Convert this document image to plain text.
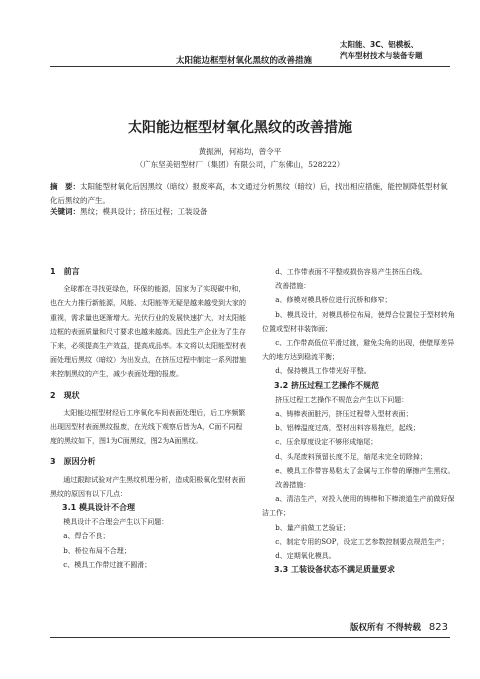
太阳能边框型材氧化黑纹的改善措施
太阳能、3C、铝模板、
汽车型材技术与装备专题
太阳能边框型材氧化黑纹的改善措施
黄振洲，何裕均，曾令平
（广东坚美铝型材厂（集团）有限公司，广东佛山，528222）
摘　要：太阳能型材氧化后因黑纹（暗纹）报废率高，本文通过分析黑纹（暗纹）后，找出相应措施，能控制降低型材氧化后黑纹的产生。
关键词：黑纹；模具设计；挤压过程；工装设备
1　前言

全球都在寻找更绿色，环保的能源，国家为了实现碳中和，也在大力推行新能源，风能、太阳能等无疑是越来越受到大家的重视，需求量也逐渐增大。光伏行业的发展快速扩大，对太阳能边框的表面质量和尺寸要求也越来越高。因此生产企业为了生存下来，必须提高生产效益，提高成品率。本文将以太阳能型材表面处理后黑纹（暗纹）为出发点，在挤压过程中制定一系列措施来控制黑纹的产生，减少表面处理的报废。

2　现状

太阳能边框型材经后工序氧化车间表面处理后，后工序频繁出现因型材表面黑纹报废，在光线下观察后皆为A，C面不同程度的黑纹如下，图1为C面黑纹，图2为A面黑纹。

3　原因分析

通过跟踪试验对产生黑纹机理分析，造成阳极氧化型材表面黑纹的原因有以下几点：

3.1 模具设计不合理

模具设计不合理会产生以下问题：

a、焊合不良；

b、桥位布局不合理；

c、模具工作带过渡不圆滑；

d、工作带表面不平整或损伤容易产生挤压白线。

改善措施：

a、修模对模具桥位进行沉桥和修窄；

b、模具设计，对模具桥位布局，使焊合位置位于型材转角位置或型材非装饰面；

c、工作带高低位平滑过渡，避免尖角的出现，使壁厚差异大的地方达到稳流平衡；

d、保持模具工作带光好平整。

3.2 挤压过程工艺操作不规范

挤压过程工艺操作不规范会产生以下问题：

a、铸棒表面脏污，挤压过程带入型材表面；

b、铝棒温度过高，型材出料容易拖烂，起线；

c、压余厚度设定不够形成缩尾；

d、头尾废料预留长度不足，缩尾未完全切除掉；

e、模具工作带容易粘太了金属与工作带的摩擦产生黑纹。

改善措施：

a、清洁生产，对投入使用的铸棒和下棒滚道生产前做好保洁工作；

b、量产前做工艺验证；

c、制定专用的SOP，设定工艺参数控制要点规范生产；

d、定期氧化模具。

3.3 工装设备状态不满足质量要求
版权所有 不得转载 823
